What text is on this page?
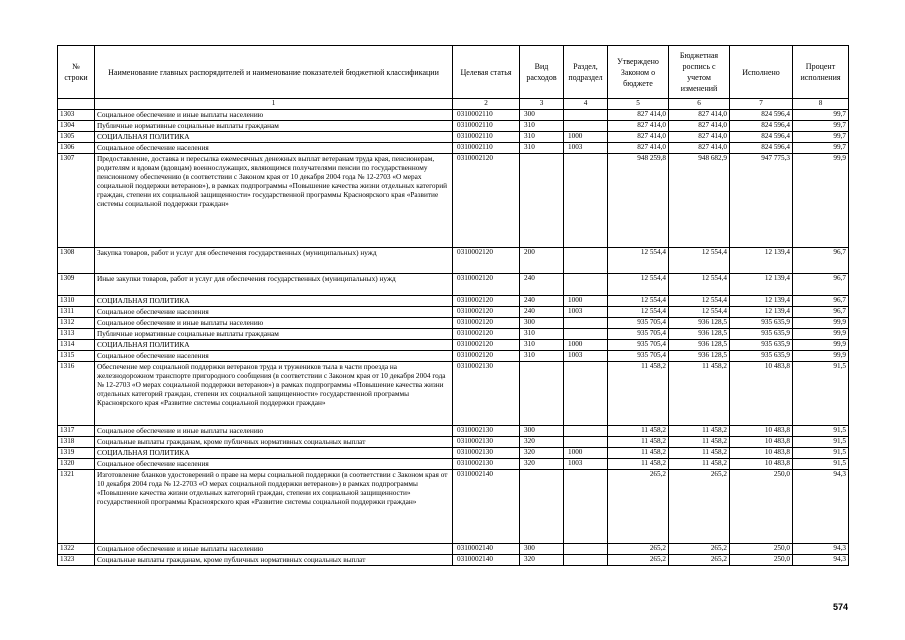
№ строки	Наименование главных распорядителей и наименование показателей бюджетной классификации	Целевая статья	Вид расходов	Раздел, подраздел	Утверждено Законом о бюджете	Бюджетная роспись с учетом изменений	Исполнено	Процент исполнения
	1	2	3	4	5	6	7	8
1303	Социальное обеспечение и иные выплаты населению	0310002110	300		827 414,0	827 414,0	824 596,4	99,7
1304	Публичные нормативные социальные выплаты гражданам	0310002110	310		827 414,0	827 414,0	824 596,4	99,7
1305	СОЦИАЛЬНАЯ ПОЛИТИКА	0310002110	310	1000	827 414,0	827 414,0	824 596,4	99,7
1306	Социальное обеспечение населения	0310002110	310	1003	827 414,0	827 414,0	824 596,4	99,7
1307	Предоставление, доставка и пересылка ежемесячных денежных выплат ветеранам труда края, пенсионерам, родителям и вдовам (вдовцам) военнослужащих, являющимся получателями пенсии по государственному пенсионному обеспечению (в соответствии с Законом края от 10 декабря 2004 года № 12-2703 «О мерах социальной поддержки ветеранов»), в рамках подпрограммы «Повышение качества жизни отдельных категорий граждан, степени их социальной защищенности» государственной программы Красноярского края «Развитие системы социальной поддержки граждан»	0310002120			948 259,8	948 682,9	947 775,3	99,9
1308	Закупка товаров, работ и услуг для обеспечения государственных (муниципальных) нужд	0310002120	200		12 554,4	12 554,4	12 139,4	96,7
1309	Иные закупки товаров, работ и услуг для обеспечения государственных (муниципальных) нужд	0310002120	240		12 554,4	12 554,4	12 139,4	96,7
1310	СОЦИАЛЬНАЯ ПОЛИТИКА	0310002120	240	1000	12 554,4	12 554,4	12 139,4	96,7
1311	Социальное обеспечение населения	0310002120	240	1003	12 554,4	12 554,4	12 139,4	96,7
1312	Социальное обеспечение и иные выплаты населению	0310002120	300		935 705,4	936 128,5	935 635,9	99,9
1313	Публичные нормативные социальные выплаты гражданам	0310002120	310		935 705,4	936 128,5	935 635,9	99,9
1314	СОЦИАЛЬНАЯ ПОЛИТИКА	0310002120	310	1000	935 705,4	936 128,5	935 635,9	99,9
1315	Социальное обеспечение населения	0310002120	310	1003	935 705,4	936 128,5	935 635,9	99,9
1316	Обеспечение мер социальной поддержки ветеранов труда и тружеников тыла в части проезда на железнодорожном транспорте пригородного сообщения (в соответствии с Законом края от 10 декабря 2004 года № 12-2703 «О мерах социальной поддержки ветеранов») в рамках подпрограммы «Повышение качества жизни отдельных категорий граждан, степени их социальной защищенности» государственной программы Красноярского края «Развитие системы социальной поддержки граждан»	0310002130			11 458,2	11 458,2	10 483,8	91,5
1317	Социальное обеспечение и иные выплаты населению	0310002130	300		11 458,2	11 458,2	10 483,8	91,5
1318	Социальные выплаты гражданам, кроме публичных нормативных социальных выплат	0310002130	320		11 458,2	11 458,2	10 483,8	91,5
1319	СОЦИАЛЬНАЯ ПОЛИТИКА	0310002130	320	1000	11 458,2	11 458,2	10 483,8	91,5
1320	Социальное обеспечение населения	0310002130	320	1003	11 458,2	11 458,2	10 483,8	91,5
1321	Изготовление бланков удостоверений о праве на меры социальной поддержки (в соответствии с Законом края от 10 декабря 2004 года № 12-2703 «О мерах социальной поддержки ветеранов») в рамках подпрограммы «Повышение качества жизни отдельных категорий граждан, степени их социальной защищенности» государственной программы Красноярского края «Развитие системы социальной поддержки граждан»	0310002140			265,2	265,2	250,0	94,3
1322	Социальное обеспечение и иные выплаты населению	0310002140	300		265,2	265,2	250,0	94,3
1323	Социальные выплаты гражданам, кроме публичных нормативных социальных выплат	0310002140	320		265,2	265,2	250,0	94,3
574
